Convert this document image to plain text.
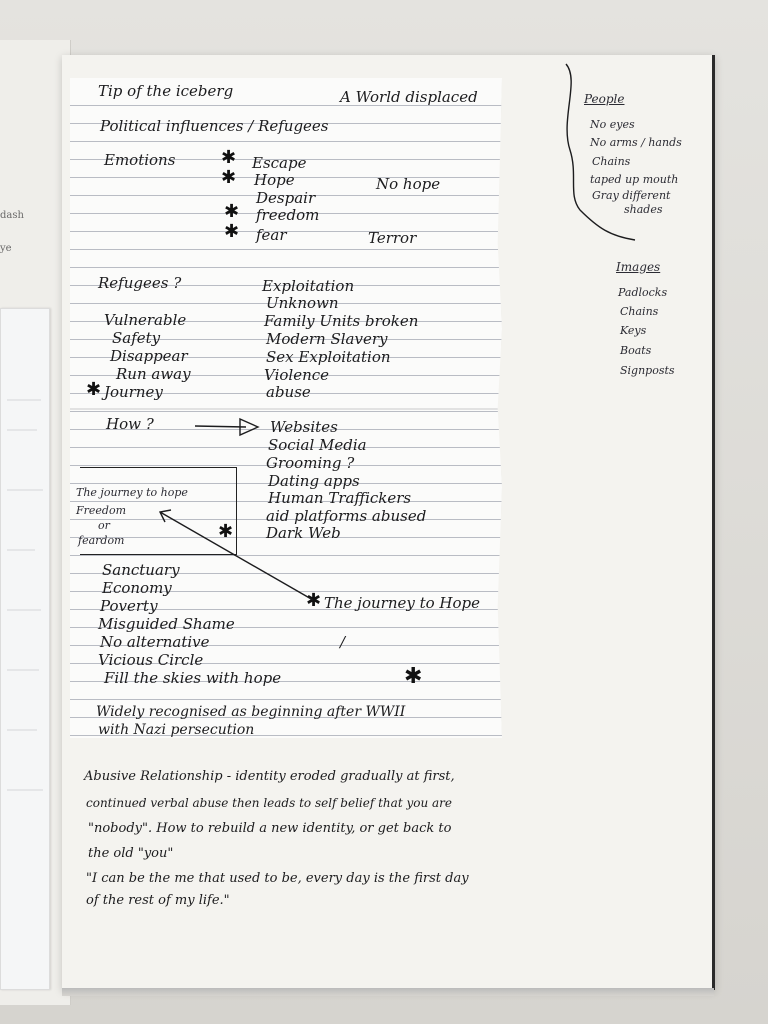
dash
ye
Tip of the iceberg	A World displaced
Political influences / Refugees
Emotions	✱ Escape
✱ Hope	No hope
Despair
✱ freedom
✱ fear	Terror
Refugees ?
Vulnerable
Safety
Disappear
Run away
✱ Journey
Exploitation
Unknown
Family Units broken
Modern Slavery
Sex Exploitation
Violence
abuse
How ?	Websites
Social Media
Grooming ?
Dating apps
Human Traffickers
aid platforms abused
Dark Web
The journey to hope
Freedom
or
feardom	✱
Sanctuary
Economy
Poverty
Misguided Shame
No alternative
Vicious Circle
Fill the skies with hope	✱
✱ The journey to Hope
/
Widely recognised as beginning after WWII
with Nazi persecution
People
No eyes
No arms / hands
Chains
taped up mouth
Gray different
shades
Images
Padlocks
Chains
Keys
Boats
Signposts
Abusive Relationship - identity eroded gradually at first,
continued verbal abuse then leads to self belief that you are
"nobody". How to rebuild a new identity, or get back to
the old "you"
"I can be the me that used to be, every day is the first day
of the rest of my life."
